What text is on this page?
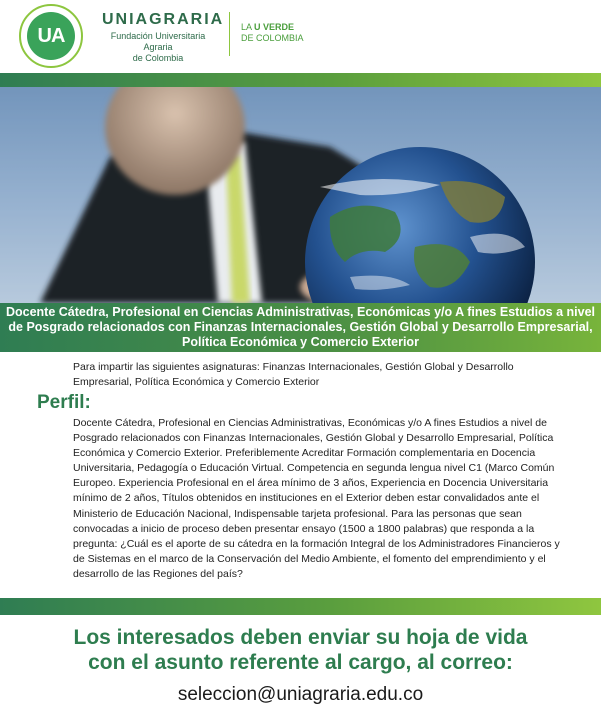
UA
UNIAGRARIA
Fundación Universitaria Agraria
de Colombia
LA U VERDE
DE COLOMBIA
Docente Cátedra, Profesional en Ciencias Administrativas, Económicas y/o A fines Estudios a nivel de Posgrado relacionados con Finanzas Internacionales, Gestión Global y Desarrollo Empresarial, Política Económica y Comercio Exterior
Para impartir las siguientes asignaturas: Finanzas Internacionales, Gestión Global y Desarrollo Empresarial, Política Económica y Comercio Exterior
Perfil:
Docente Cátedra, Profesional en Ciencias Administrativas, Económicas y/o A fines Estudios a nivel de Posgrado relacionados con Finanzas Internacionales, Gestión Global y Desarrollo Empresarial, Política Económica y Comercio Exterior. Preferiblemente Acreditar Formación complementaria en Docencia Universitaria, Pedagogía o Educación Virtual. Competencia en segunda lengua nivel C1 (Marco Común Europeo. Experiencia Profesional en el área mínimo de 3 años, Experiencia en Docencia Universitaria mínimo de 2 años, Títulos obtenidos en instituciones en el Exterior deben estar convalidados ante el Ministerio de Educación Nacional, Indispensable tarjeta profesional. Para las personas que sean convocadas a inicio de proceso deben presentar ensayo (1500 a 1800 palabras) que responda a la pregunta: ¿Cuál es el aporte de su cátedra en la formación Integral de los Administradores Financieros y de Sistemas en el marco de la Conservación del Medio Ambiente, el fomento del emprendimiento y el desarrollo de las Regiones del país?
Los interesados deben enviar su hoja de vida
con el asunto referente al cargo, al correo:
seleccion@uniagraria.edu.co
